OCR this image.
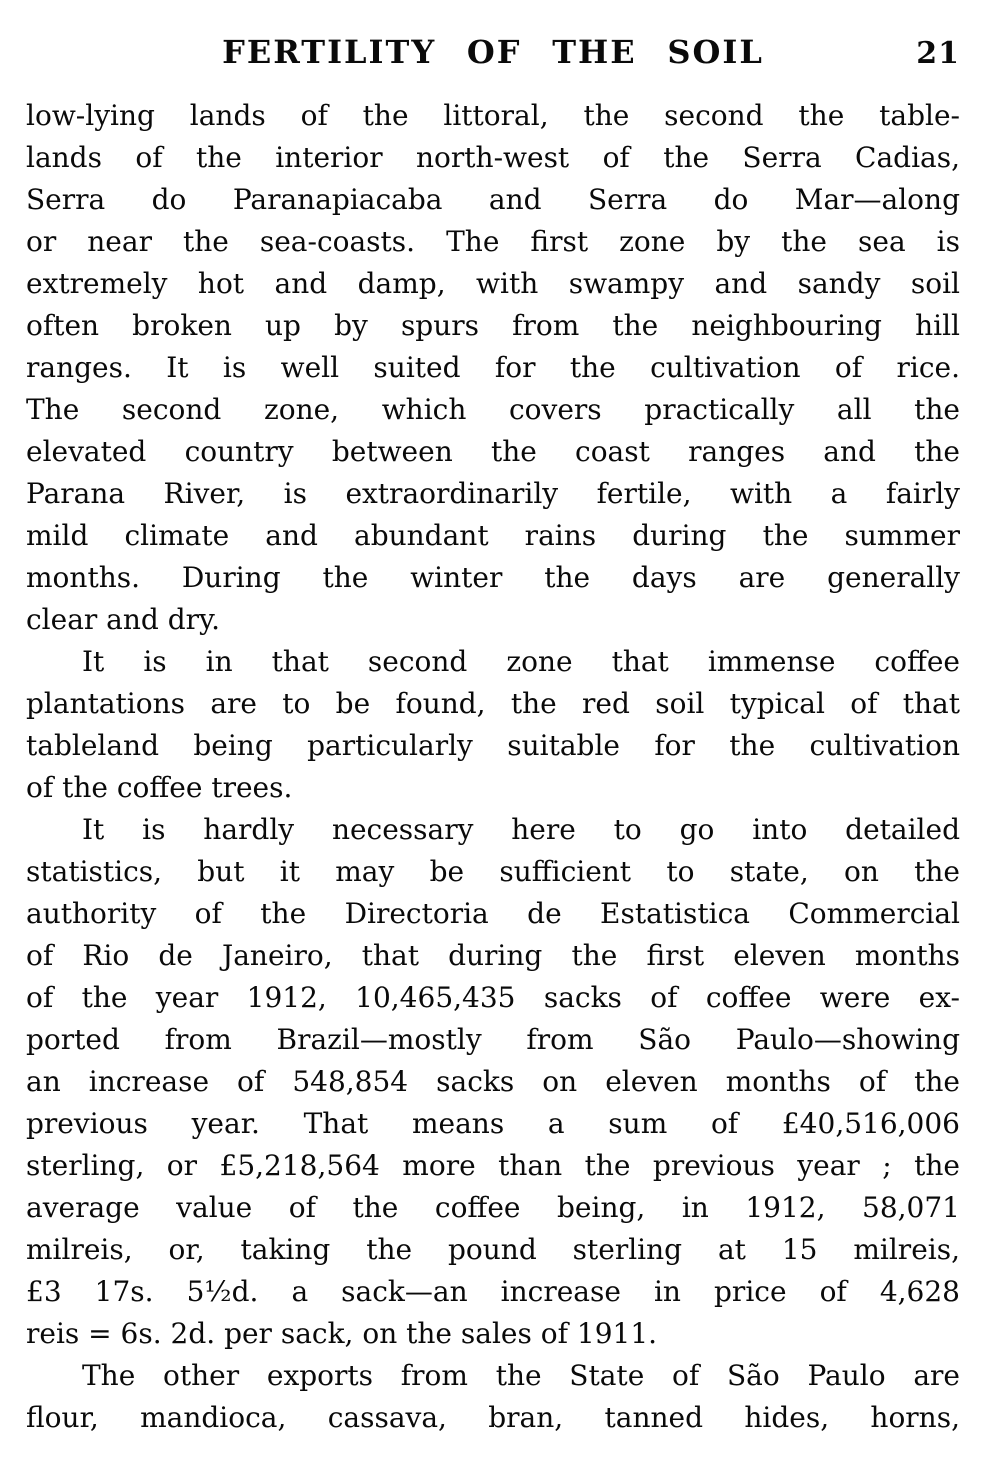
FERTILITY OF THE SOIL	21

low-lying lands of the littoral, the second the table-
lands of the interior north-west of the Serra Cadias,
Serra do Paranapiacaba and Serra do Mar—along
or near the sea-coasts. The first zone by the sea is
extremely hot and damp, with swampy and sandy soil
often broken up by spurs from the neighbouring hill
ranges. It is well suited for the cultivation of rice.
The second zone, which covers practically all the
elevated country between the coast ranges and the
Parana River, is extraordinarily fertile, with a fairly
mild climate and abundant rains during the summer
months. During the winter the days are generally
clear and dry.

It is in that second zone that immense coffee
plantations are to be found, the red soil typical of that
tableland being particularly suitable for the cultivation
of the coffee trees.

It is hardly necessary here to go into detailed
statistics, but it may be sufficient to state, on the
authority of the Directoria de Estatistica Commercial
of Rio de Janeiro, that during the first eleven months
of the year 1912, 10,465,435 sacks of coffee were ex-
ported from Brazil—mostly from São Paulo—showing
an increase of 548,854 sacks on eleven months of the
previous year. That means a sum of £40,516,006
sterling, or £5,218,564 more than the previous year ; the
average value of the coffee being, in 1912, 58,071
milreis, or, taking the pound sterling at 15 milreis,
£3 17s. 5½d. a sack—an increase in price of 4,628
reis = 6s. 2d. per sack, on the sales of 1911.

The other exports from the State of São Paulo are
flour, mandioca, cassava, bran, tanned hides, horns,
